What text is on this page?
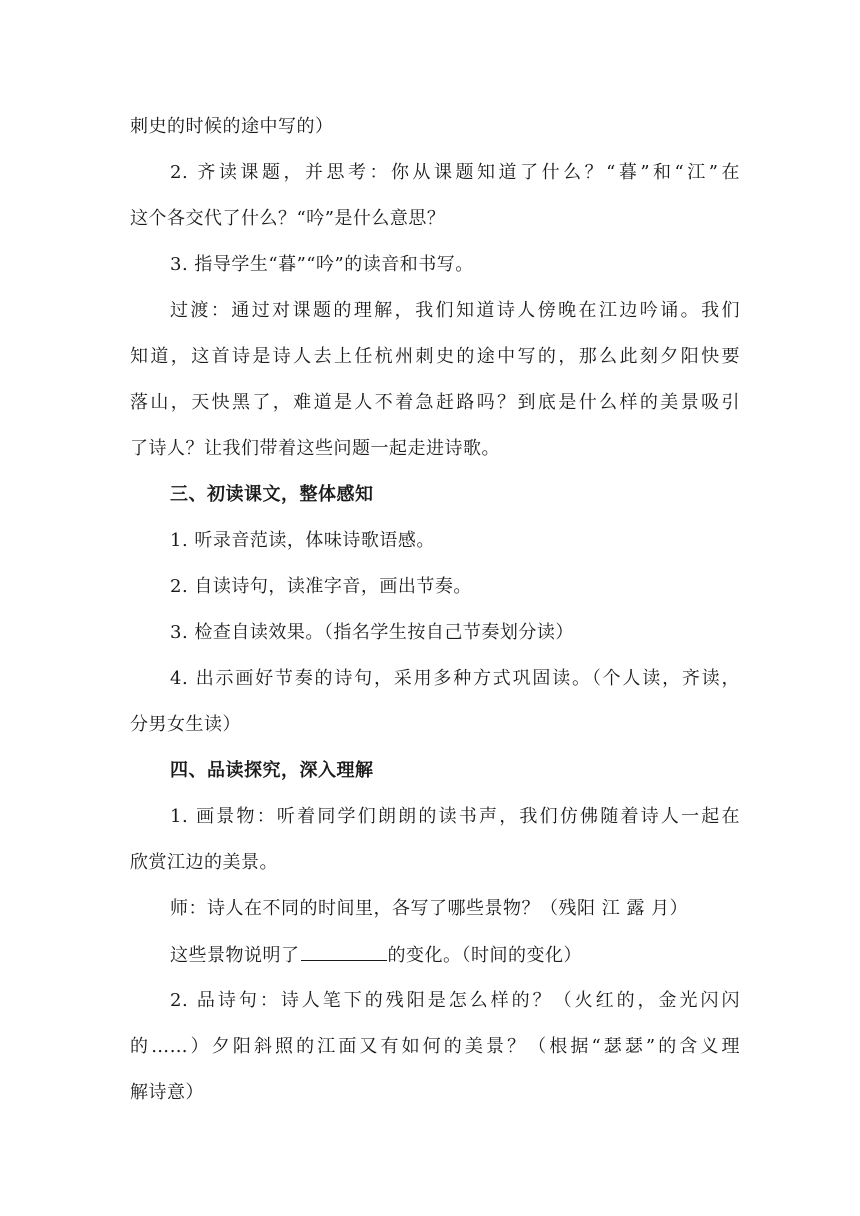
刺史的时候的途中写的）
2. 齐读课题，并思考：你从课题知道了什么？“暮”和“江”在
这个各交代了什么？“吟”是什么意思？
3. 指导学生“暮”“吟”的读音和书写。
过渡：通过对课题的理解，我们知道诗人傍晚在江边吟诵。我们
知道，这首诗是诗人去上任杭州刺史的途中写的，那么此刻夕阳快要
落山，天快黑了，难道是人不着急赶路吗？到底是什么样的美景吸引
了诗人？让我们带着这些问题一起走进诗歌。
三、初读课文，整体感知
1. 听录音范读，体味诗歌语感。
2. 自读诗句，读准字音，画出节奏。
3. 检查自读效果。（指名学生按自己节奏划分读）
4. 出示画好节奏的诗句，采用多种方式巩固读。（个人读，齐读，
分男女生读）
四、品读探究，深入理解
1. 画景物：听着同学们朗朗的读书声，我们仿佛随着诗人一起在
欣赏江边的美景。
师：诗人在不同的时间里，各写了哪些景物？（残阳 江 露 月）
这些景物说明了	的变化。（时间的变化）
2. 品诗句：诗人笔下的残阳是怎么样的？（火红的，金光闪闪
的……）夕阳斜照的江面又有如何的美景？（根据“瑟瑟”的含义理
解诗意）
